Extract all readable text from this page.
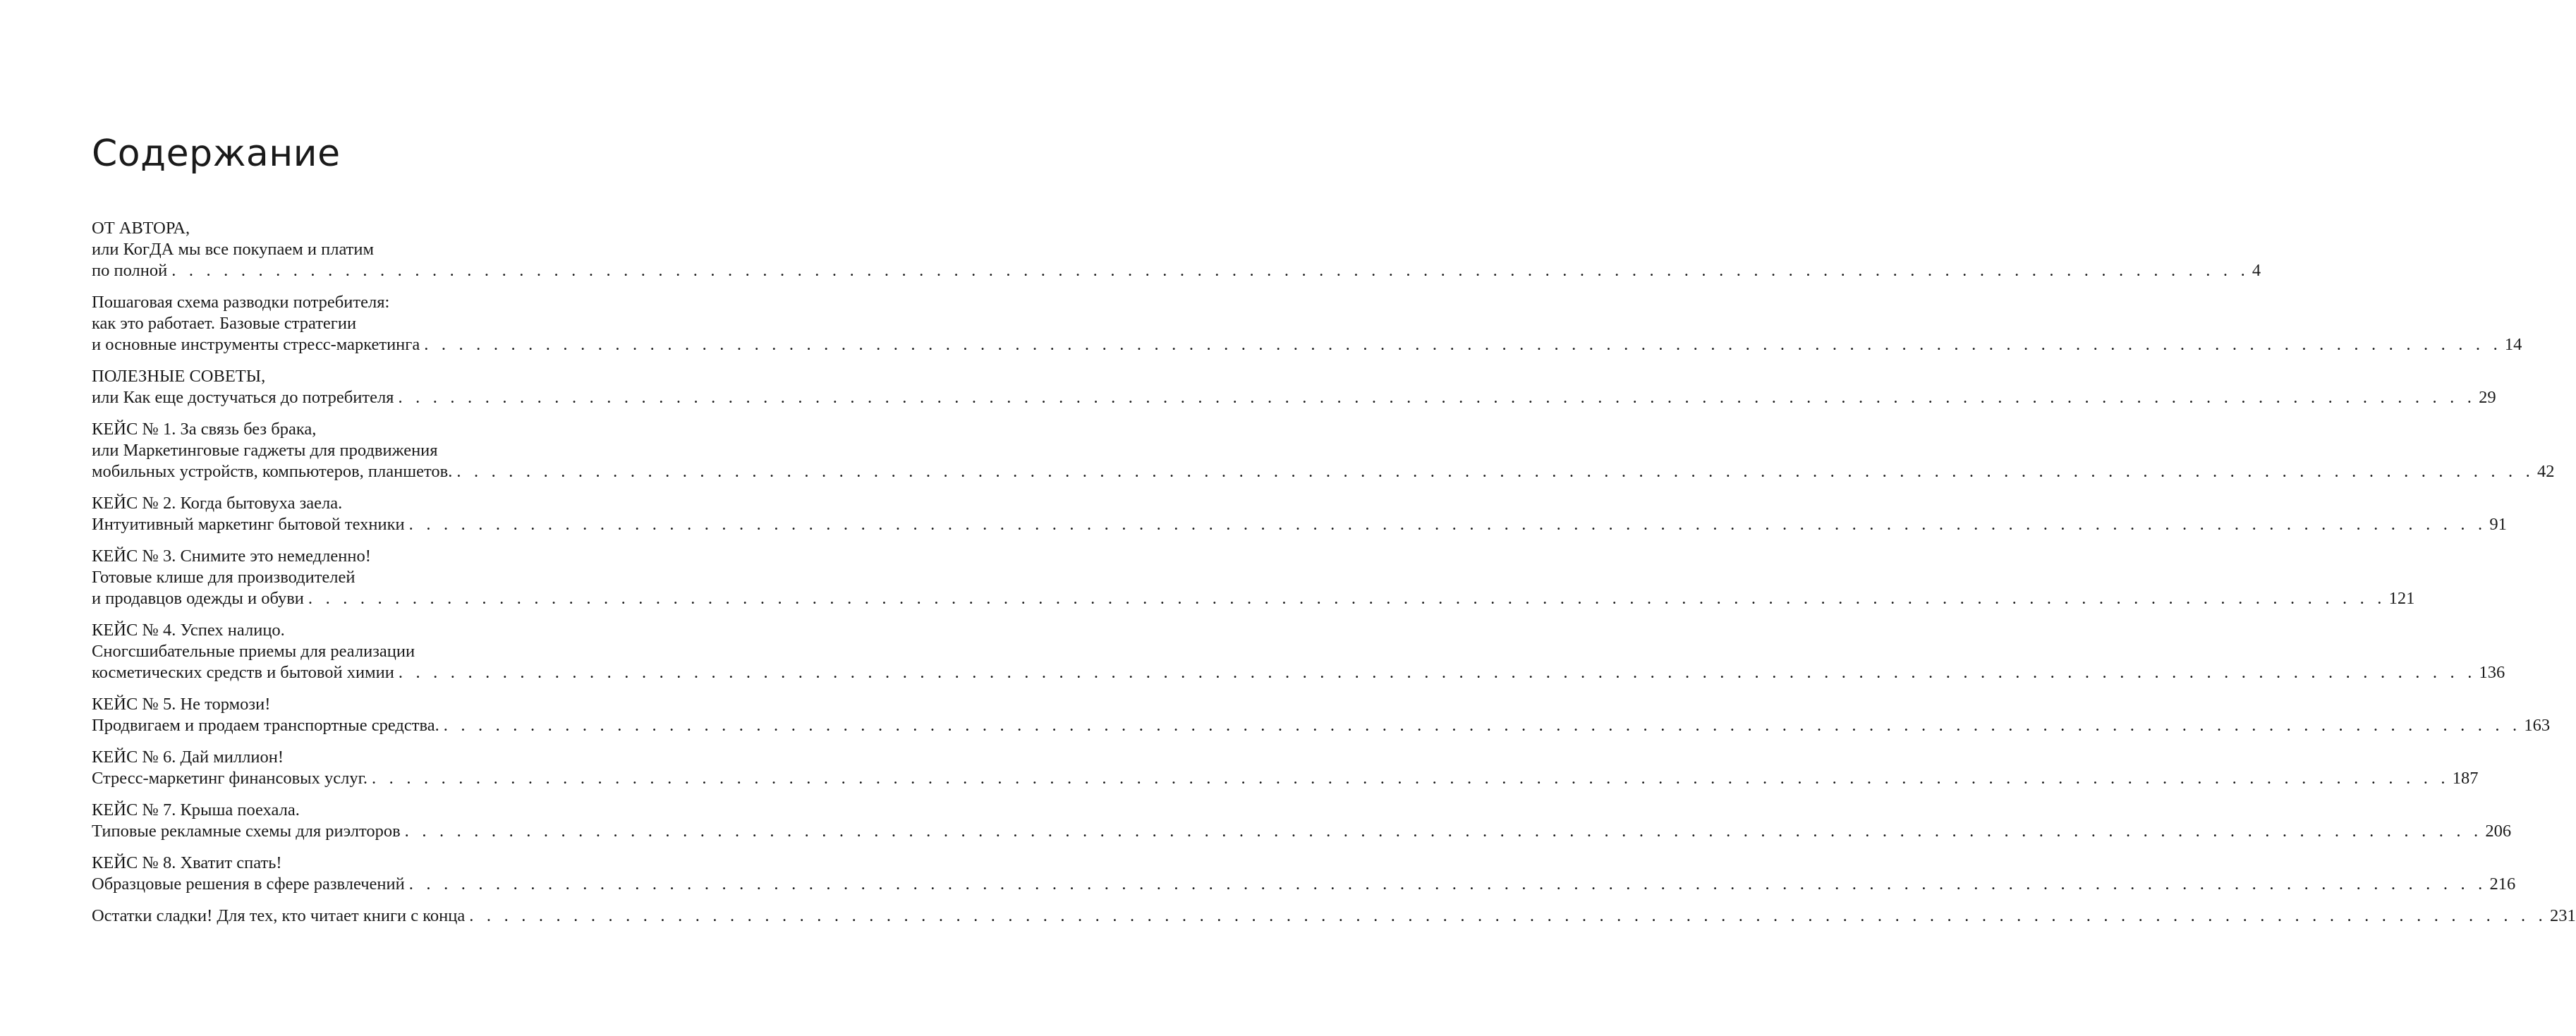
Содержание
ОТ АВТОРА,
или КогДА мы все покупаем и платим
по полной . . . . . . . . . . . . . . . . . . . . . . . . . . . . . . . . . . . . . . . . . . . . . . . . . . . . . . . . . . . . . . . . . . . . . . . . . . . . . . . . . . . . . . . . . . . . . . . . . . . . . . . . . . . . . . . . . . . . . . . . 4
Пошаговая схема разводки потребителя:
как это работает. Базовые стратегии
и основные инструменты стресс-маркетинга . . . . . . . . . . . . . . . . . . . . . . . . . . . . . . . . . . . . . . . . . . . . . . . . . . . . . . . . . . . . . . . . . . . . . . . . . . . . . . . . . . . . . . . . . . . . . . . . . . . . . . . . . . . . . . . . . . . . . . . . 14
ПОЛЕЗНЫЕ СОВЕТЫ,
или Как еще достучаться до потребителя . . . . . . . . . . . . . . . . . . . . . . . . . . . . . . . . . . . . . . . . . . . . . . . . . . . . . . . . . . . . . . . . . . . . . . . . . . . . . . . . . . . . . . . . . . . . . . . . . . . . . . . . . . . . . . . . . . . . . . . . 29
КЕЙС № 1. За связь без брака,
или Маркетинговые гаджеты для продвижения
мобильных устройств, компьютеров, планшетов. . . . . . . . . . . . . . . . . . . . . . . . . . . . . . . . . . . . . . . . . . . . . . . . . . . . . . . . . . . . . . . . . . . . . . . . . . . . . . . . . . . . . . . . . . . . . . . . . . . . . . . . . . . . . . . . . . . . . . . . . 42
КЕЙС № 2. Когда бытовуха заела.
Интуитивный маркетинг бытовой техники . . . . . . . . . . . . . . . . . . . . . . . . . . . . . . . . . . . . . . . . . . . . . . . . . . . . . . . . . . . . . . . . . . . . . . . . . . . . . . . . . . . . . . . . . . . . . . . . . . . . . . . . . . . . . . . . . . . . . . . . 91
КЕЙС № 3. Снимите это немедленно!
Готовые клише для производителей
и продавцов одежды и обуви . . . . . . . . . . . . . . . . . . . . . . . . . . . . . . . . . . . . . . . . . . . . . . . . . . . . . . . . . . . . . . . . . . . . . . . . . . . . . . . . . . . . . . . . . . . . . . . . . . . . . . . . . . . . . . . . . . . . . . . . 121
КЕЙС № 4. Успех налицо.
Сногсшибательные приемы для реализации
косметических средств и бытовой химии . . . . . . . . . . . . . . . . . . . . . . . . . . . . . . . . . . . . . . . . . . . . . . . . . . . . . . . . . . . . . . . . . . . . . . . . . . . . . . . . . . . . . . . . . . . . . . . . . . . . . . . . . . . . . . . . . . . . . . . . 136
КЕЙС № 5. Не тормози!
Продвигаем и продаем транспортные средства. . . . . . . . . . . . . . . . . . . . . . . . . . . . . . . . . . . . . . . . . . . . . . . . . . . . . . . . . . . . . . . . . . . . . . . . . . . . . . . . . . . . . . . . . . . . . . . . . . . . . . . . . . . . . . . . . . . . . . . . . 163
КЕЙС № 6. Дай миллион!
Стресс-маркетинг финансовых услуг. . . . . . . . . . . . . . . . . . . . . . . . . . . . . . . . . . . . . . . . . . . . . . . . . . . . . . . . . . . . . . . . . . . . . . . . . . . . . . . . . . . . . . . . . . . . . . . . . . . . . . . . . . . . . . . . . . . . . . . . . 187
КЕЙС № 7. Крыша поехала.
Типовые рекламные схемы для риэлторов . . . . . . . . . . . . . . . . . . . . . . . . . . . . . . . . . . . . . . . . . . . . . . . . . . . . . . . . . . . . . . . . . . . . . . . . . . . . . . . . . . . . . . . . . . . . . . . . . . . . . . . . . . . . . . . . . . . . . . . . 206
КЕЙС № 8. Хватит спать!
Образцовые решения в сфере развлечений . . . . . . . . . . . . . . . . . . . . . . . . . . . . . . . . . . . . . . . . . . . . . . . . . . . . . . . . . . . . . . . . . . . . . . . . . . . . . . . . . . . . . . . . . . . . . . . . . . . . . . . . . . . . . . . . . . . . . . . . 216
Остатки сладки! Для тех, кто читает книги с конца . . . . . . . . . . . . . . . . . . . . . . . . . . . . . . . . . . . . . . . . . . . . . . . . . . . . . . . . . . . . . . . . . . . . . . . . . . . . . . . . . . . . . . . . . . . . . . . . . . . . . . . . . . . . . . . . . . . . . . . . 231
